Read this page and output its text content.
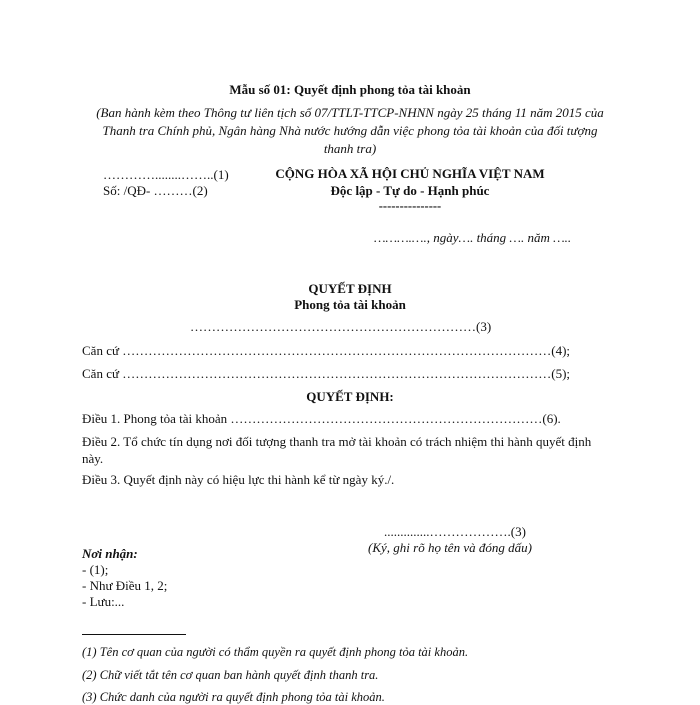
Mẫu số 01: Quyết định phong tỏa tài khoản
(Ban hành kèm theo Thông tư liên tịch số 07/TTLT-TTCP-NHNN ngày 25 tháng 11 năm 2015 của Thanh tra Chính phủ, Ngân hàng Nhà nước hướng dẫn việc phong tỏa tài khoản của đối tượng thanh tra)
…………........……..(1)
Số: /QĐ- ………(2)
CỘNG HÒA XÃ HỘI CHỦ NGHĨA VIỆT NAM
Độc lập - Tự do - Hạnh phúc
---------------
……….…., ngày…. tháng …. năm …..
QUYẾT ĐỊNH
Phong tỏa tài khoản
…………………………………………………………(3)
Căn cứ ………………………………………………………………………………………(4);
Căn cứ ………………………………………………………………………………………(5);
QUYẾT ĐỊNH:
Điều 1. Phong tỏa tài khoản ………………………………………………………………(6).
Điều 2. Tổ chức tín dụng nơi đối tượng thanh tra mở tài khoản có trách nhiệm thi hành quyết định này.
Điều 3. Quyết định này có hiệu lực thi hành kể từ ngày ký./.
..............……………….(3)
(Ký, ghi rõ họ tên và đóng dấu)
Nơi nhận:
- (1);
- Như Điều 1, 2;
- Lưu:...
(1) Tên cơ quan của người có thẩm quyền ra quyết định phong tỏa tài khoản.
(2) Chữ viết tắt tên cơ quan ban hành quyết định thanh tra.
(3) Chức danh của người ra quyết định phong tỏa tài khoản.
